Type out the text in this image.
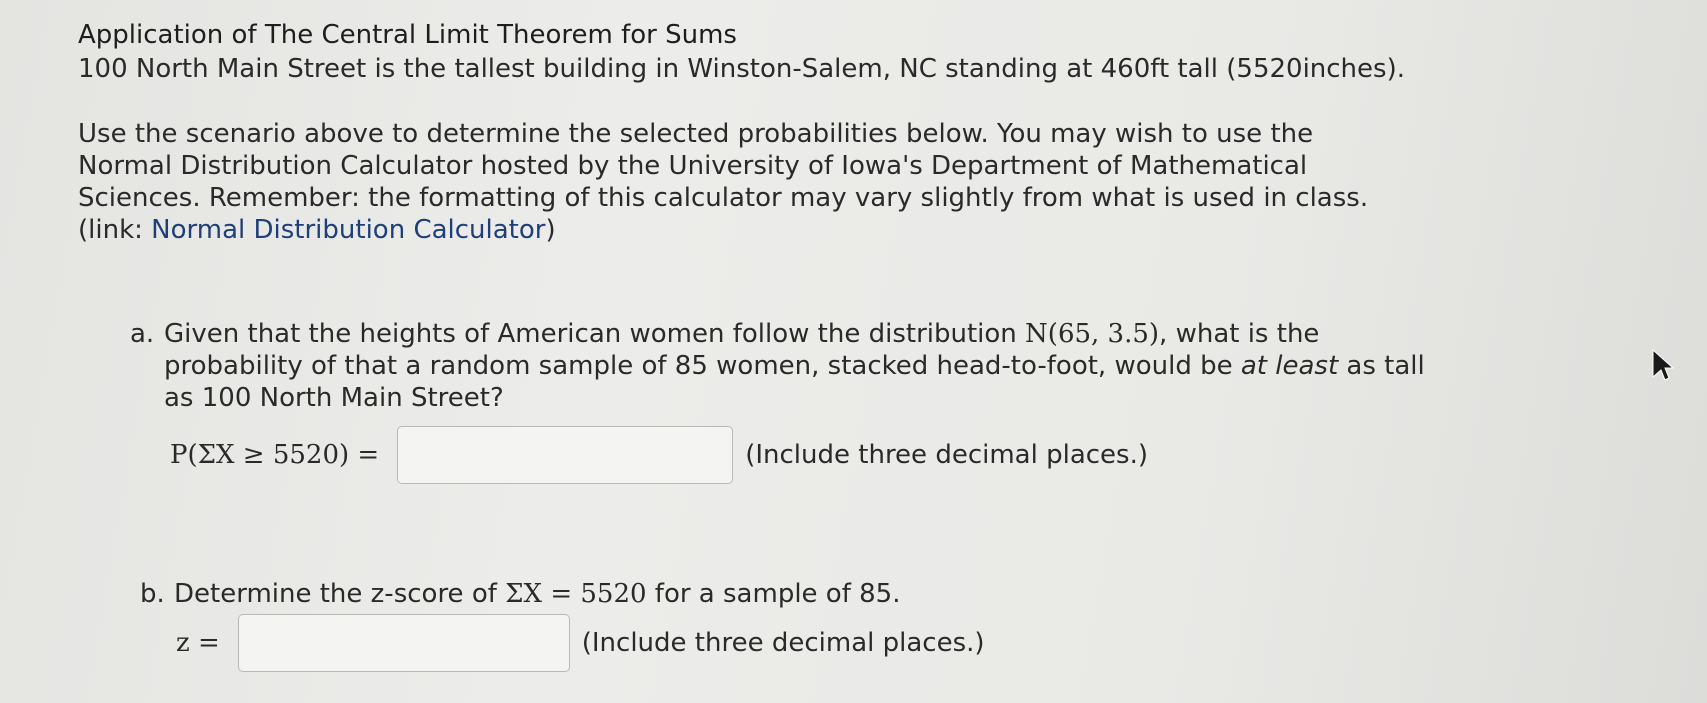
Application of The Central Limit Theorem for Sums

100 North Main Street is the tallest building in Winston-Salem, NC standing at 460ft tall (5520inches).

Use the scenario above to determine the selected probabilities below. You may wish to use the Normal Distribution Calculator hosted by the University of Iowa's Department of Mathematical Sciences. Remember: the formatting of this calculator may vary slightly from what is used in class. (link: Normal Distribution Calculator)
a. Given that the heights of American women follow the distribution N(65, 3.5), what is the probability of that a random sample of 85 women, stacked head-to-foot, would be at least as tall as 100 North Main Street?
P(ΣX ≥ 5520) =	(Include three decimal places.)
b. Determine the z-score of ΣX = 5520 for a sample of 85.
z =	(Include three decimal places.)
